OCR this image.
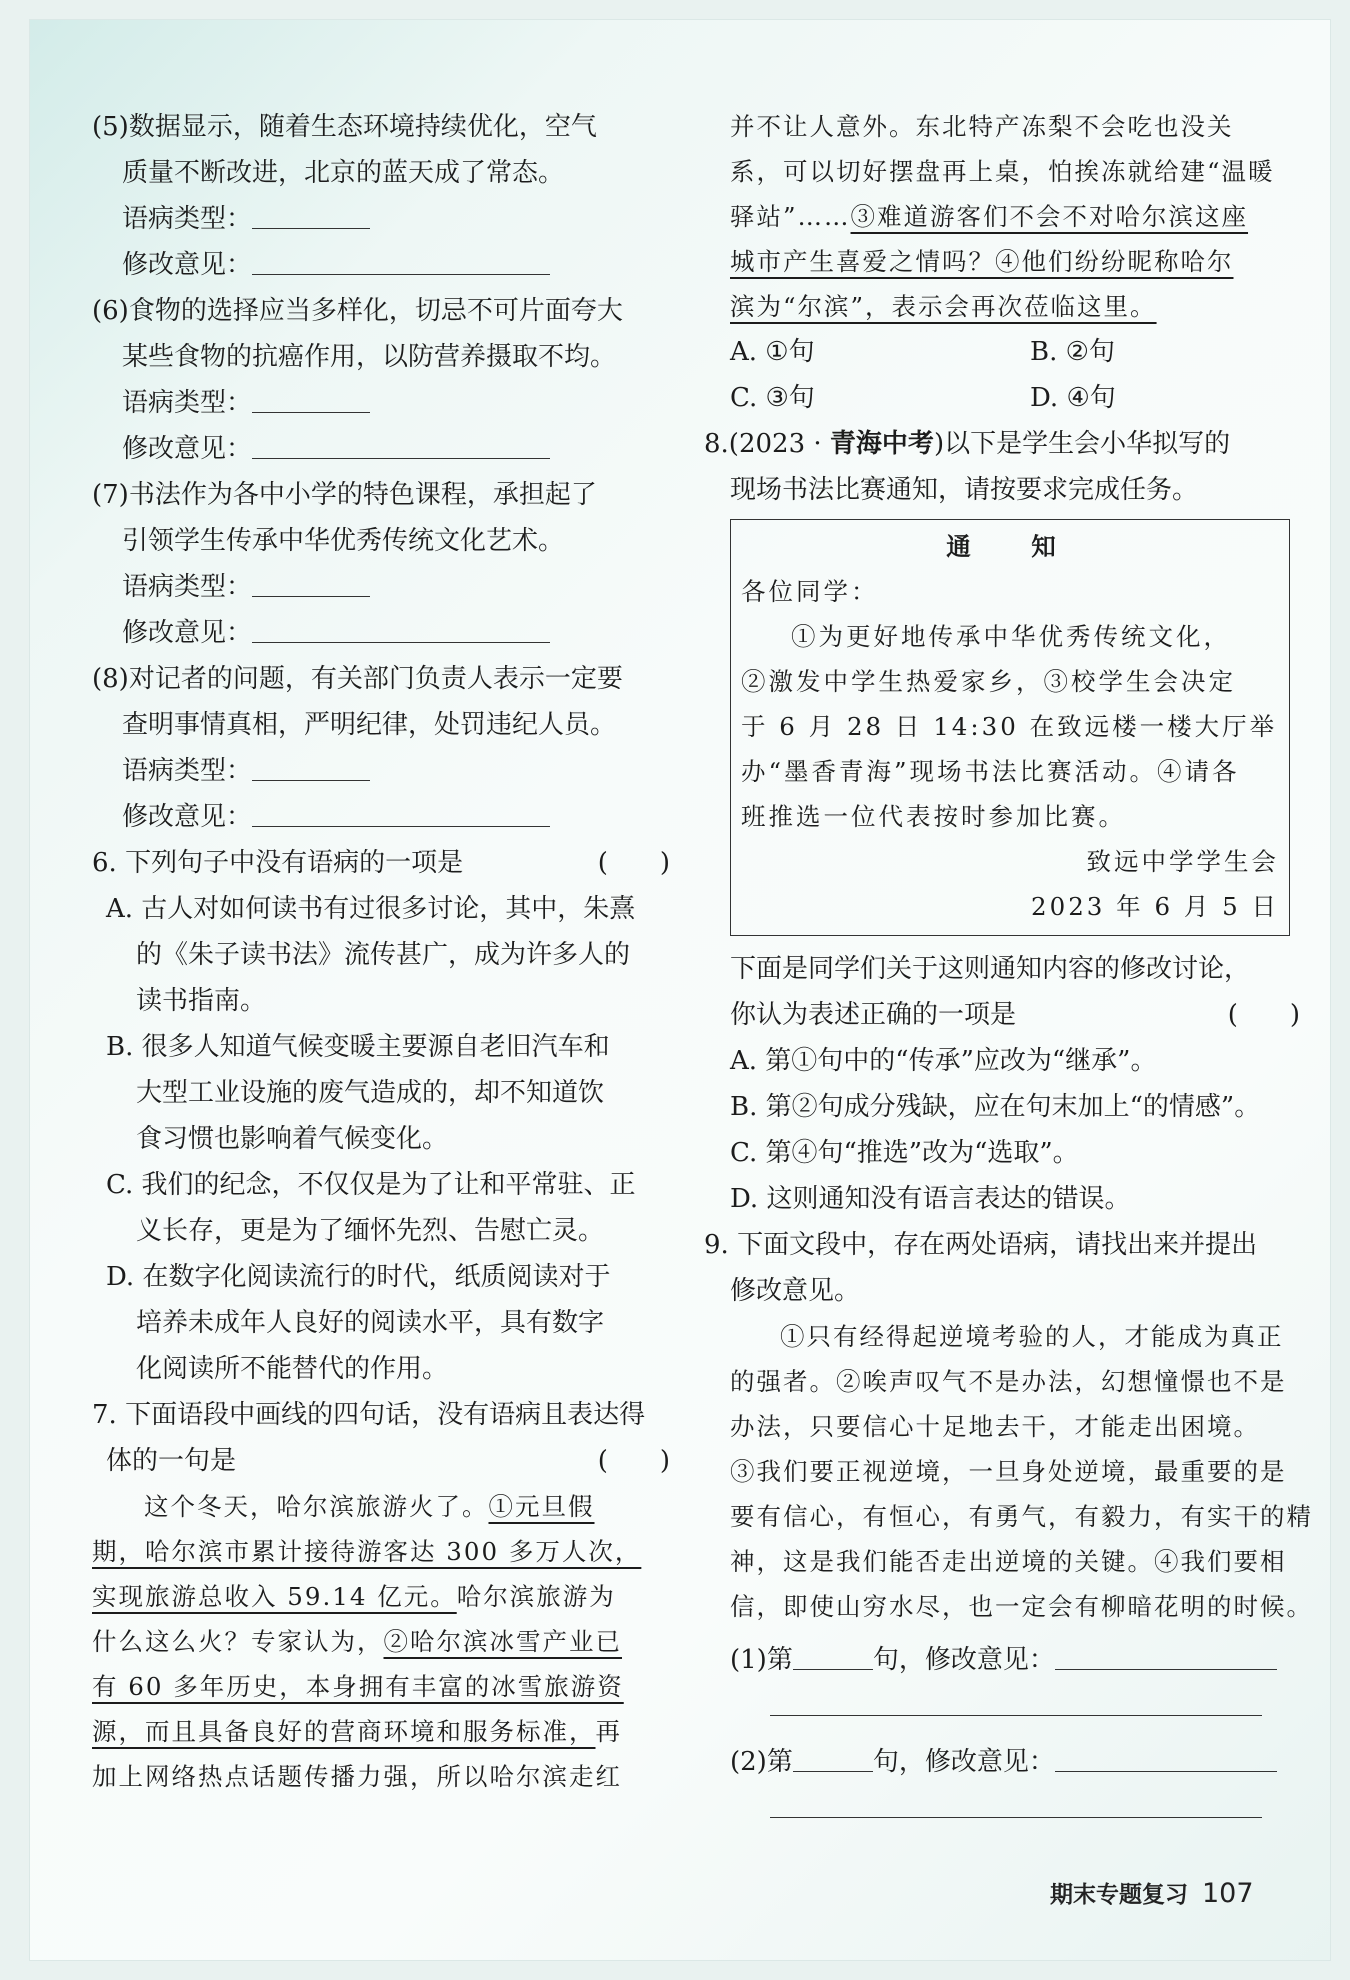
(5)数据显示，随着生态环境持续优化，空气
质量不断改进，北京的蓝天成了常态。
语病类型：
修改意见：
(6)食物的选择应当多样化，切忌不可片面夸大
某些食物的抗癌作用，以防营养摄取不均。
语病类型：
修改意见：
(7)书法作为各中小学的特色课程，承担起了
引领学生传承中华优秀传统文化艺术。
语病类型：
修改意见：
(8)对记者的问题，有关部门负责人表示一定要
查明事情真相，严明纪律，处罚违纪人员。
语病类型：
修改意见：
6. 下列句子中没有语病的一项是	(　　)
A. 古人对如何读书有过很多讨论，其中，朱熹
的《朱子读书法》流传甚广，成为许多人的
读书指南。
B. 很多人知道气候变暖主要源自老旧汽车和
大型工业设施的废气造成的，却不知道饮
食习惯也影响着气候变化。
C. 我们的纪念，不仅仅是为了让和平常驻、正
义长存，更是为了缅怀先烈、告慰亡灵。
D. 在数字化阅读流行的时代，纸质阅读对于
培养未成年人良好的阅读水平，具有数字
化阅读所不能替代的作用。
7. 下面语段中画线的四句话，没有语病且表达得
体的一句是	(　　)
这个冬天，哈尔滨旅游火了。①元旦假
期，哈尔滨市累计接待游客达 300 多万人次，
实现旅游总收入 59.14 亿元。哈尔滨旅游为
什么这么火？专家认为，②哈尔滨冰雪产业已
有 60 多年历史，本身拥有丰富的冰雪旅游资
源，而且具备良好的营商环境和服务标准，再
加上网络热点话题传播力强，所以哈尔滨走红
并不让人意外。东北特产冻梨不会吃也没关
系，可以切好摆盘再上桌，怕挨冻就给建“温暖
驿站”……③难道游客们不会不对哈尔滨这座
城市产生喜爱之情吗？④他们纷纷昵称哈尔
滨为“尔滨”，表示会再次莅临这里。
A. ①句	B. ②句
C. ③句	D. ④句
8.(2023 · 青海中考)以下是学生会小华拟写的
现场书法比赛通知，请按要求完成任务。
通　知
各位同学：
①为更好地传承中华优秀传统文化，
②激发中学生热爱家乡，③校学生会决定
于 6 月 28 日 14:30 在致远楼一楼大厅举
办“墨香青海”现场书法比赛活动。④请各
班推选一位代表按时参加比赛。
致远中学学生会
2023 年 6 月 5 日
下面是同学们关于这则通知内容的修改讨论，
你认为表述正确的一项是	(　　)
A. 第①句中的“传承”应改为“继承”。
B. 第②句成分残缺，应在句末加上“的情感”。
C. 第④句“推选”改为“选取”。
D. 这则通知没有语言表达的错误。
9. 下面文段中，存在两处语病，请找出来并提出
修改意见。
①只有经得起逆境考验的人，才能成为真正
的强者。②唉声叹气不是办法，幻想憧憬也不是
办法，只要信心十足地去干，才能走出困境。
③我们要正视逆境，一旦身处逆境，最重要的是
要有信心，有恒心，有勇气，有毅力，有实干的精
神，这是我们能否走出逆境的关键。④我们要相
信，即使山穷水尽，也一定会有柳暗花明的时候。
(1)第	句，修改意见：
(2)第	句，修改意见：
期末专题复习 107
